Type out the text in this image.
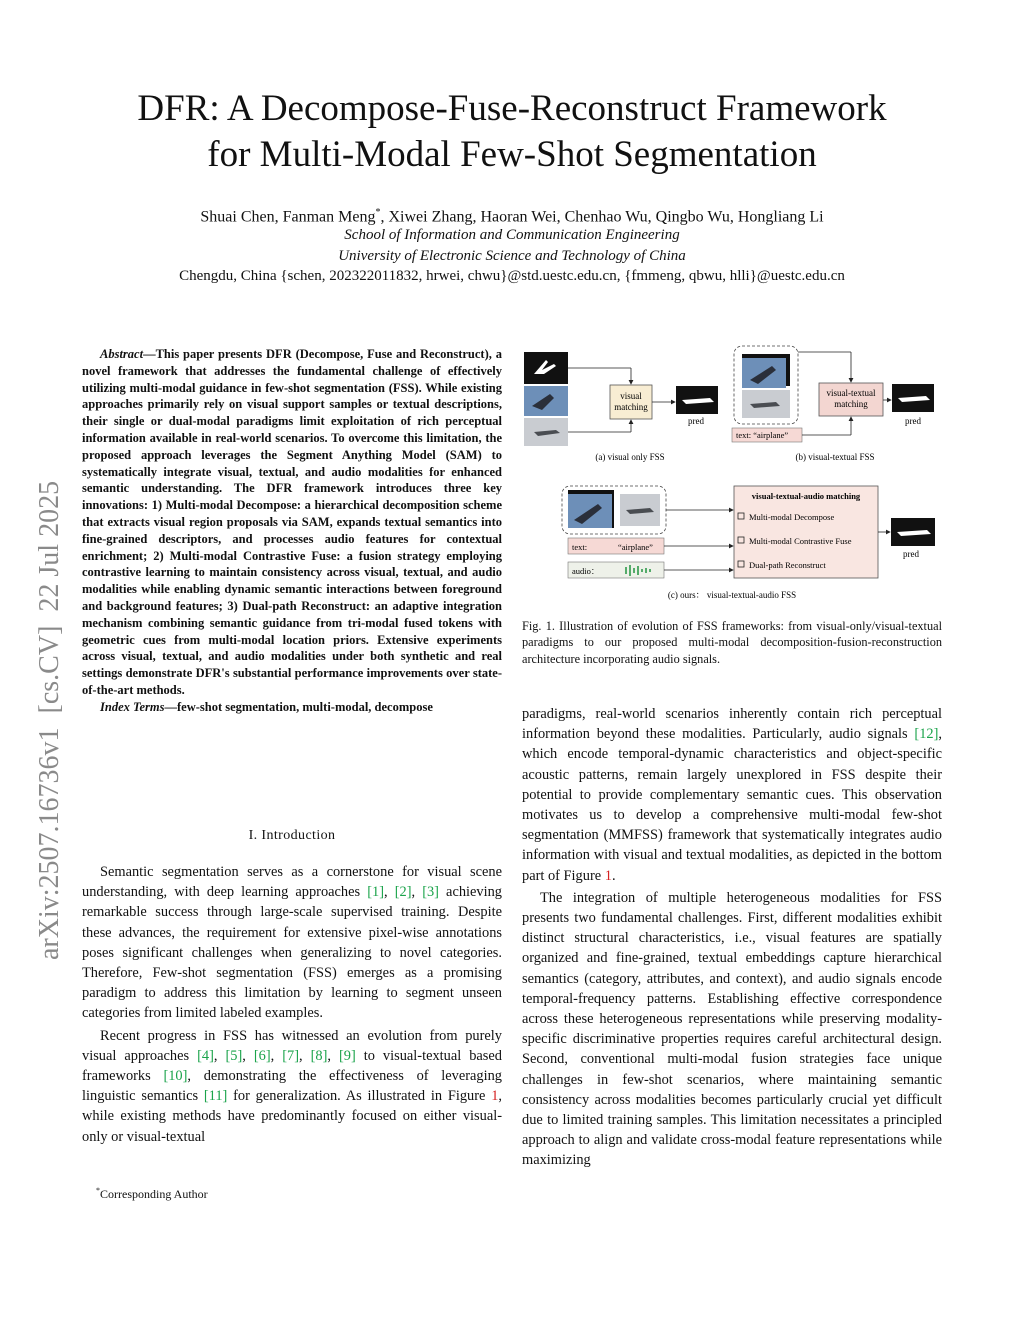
arXiv:2507.16736v1  [cs.CV]  22 Jul 2025
DFR: A Decompose-Fuse-Reconstruct Framework
for Multi-Modal Few-Shot Segmentation
Shuai Chen, Fanman Meng*, Xiwei Zhang, Haoran Wei, Chenhao Wu, Qingbo Wu, Hongliang Li
School of Information and Communication Engineering
University of Electronic Science and Technology of China
Chengdu, China {schen, 202322011832, hrwei, chwu}@std.uestc.edu.cn, {fmmeng, qbwu, hlli}@uestc.edu.cn
Abstract—This paper presents DFR (Decompose, Fuse and Reconstruct), a novel framework that addresses the fundamental challenge of effectively utilizing multi-modal guidance in few-shot segmentation (FSS). While existing approaches primarily rely on visual support samples or textual descriptions, their single or dual-modal paradigms limit exploitation of rich perceptual information available in real-world scenarios. To overcome this limitation, the proposed approach leverages the Segment Anything Model (SAM) to systematically integrate visual, textual, and audio modalities for enhanced semantic understanding. The DFR framework introduces three key innovations: 1) Multi-modal Decompose: a hierarchical decomposition scheme that extracts visual region proposals via SAM, expands textual semantics into fine-grained descriptors, and processes audio features for contextual enrichment; 2) Multi-modal Contrastive Fuse: a fusion strategy employing contrastive learning to maintain consistency across visual, textual, and audio modalities while enabling dynamic semantic interactions between foreground and background features; 3) Dual-path Reconstruct: an adaptive integration mechanism combining semantic guidance from tri-modal fused tokens with geometric cues from multi-modal location priors. Extensive experiments across visual, textual, and audio modalities under both synthetic and real settings demonstrate DFR's substantial performance improvements over state-of-the-art methods.
Index Terms—few-shot segmentation, multi-modal, decompose
I. Introduction

Semantic segmentation serves as a cornerstone for visual scene understanding, with deep learning approaches [1], [2], [3] achieving remarkable success through large-scale supervised training. Despite these advances, the requirement for extensive pixel-wise annotations poses significant challenges when generalizing to novel categories. Therefore, Few-shot segmentation (FSS) emerges as a promising paradigm to address this limitation by learning to segment unseen categories from limited labeled examples.

Recent progress in FSS has witnessed an evolution from purely visual approaches [4], [5], [6], [7], [8], [9] to visual-textual based frameworks [10], demonstrating the effectiveness of leveraging linguistic semantics [11] for generalization. As illustrated in Figure 1, while existing methods have predominantly focused on either visual-only or visual-textual

*Corresponding Author
visual
matching
pred
(a) visual only FSS
text: “airplane”
visual-textual
matching
pred
(b) visual-textual FSS
text:	“airplane”
audio：
visual-textual-audio matching
Multi-modal Decompose
Multi-modal Contrastive Fuse
Dual-path Reconstruct
pred
(c) ours： visual-textual-audio FSS
Fig. 1. Illustration of evolution of FSS frameworks: from visual-only/visual-textual paradigms to our proposed multi-modal decomposition-fusion-reconstruction architecture incorporating audio signals.

paradigms, real-world scenarios inherently contain rich perceptual information beyond these modalities. Particularly, audio signals [12], which encode temporal-dynamic characteristics and object-specific acoustic patterns, remain largely unexplored in FSS despite their potential to provide complementary semantic cues. This observation motivates us to develop a comprehensive multi-modal few-shot segmentation (MMFSS) framework that systematically integrates audio information with visual and textual modalities, as depicted in the bottom part of Figure 1.

The integration of multiple heterogeneous modalities for FSS presents two fundamental challenges. First, different modalities exhibit distinct structural characteristics, i.e., visual features are spatially organized and fine-grained, textual embeddings capture hierarchical semantics (category, attributes, and context), and audio signals encode temporal-frequency patterns. Establishing effective correspondence across these heterogeneous representations while preserving modality-specific discriminative properties requires careful architectural design. Second, conventional multi-modal fusion strategies face unique challenges in few-shot scenarios, where maintaining semantic consistency across modalities becomes particularly crucial yet difficult due to limited training samples. This limitation necessitates a principled approach to align and validate cross-modal feature representations while maximizing
